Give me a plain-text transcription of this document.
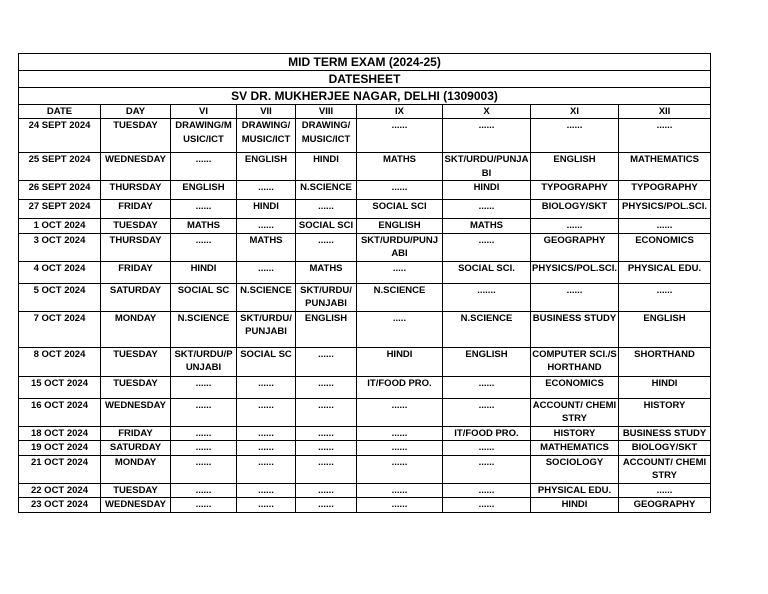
MID TERM EXAM (2024-25)								
DATESHEET								
SV DR. MUKHERJEE NAGAR, DELHI (1309003)								
DATE	DAY	VI	VII	VIII	IX	X	XI	XII
24 SEPT 2024	TUESDAY	DRAWING/MUSIC/ICT	DRAWING/ MUSIC/ICT	DRAWING/ MUSIC/ICT	......	......	......	......
25 SEPT 2024	WEDNESDAY	......	ENGLISH	HINDI	MATHS	SKT/URDU/PUNJABI	ENGLISH	MATHEMATICS
26 SEPT 2024	THURSDAY	ENGLISH	......	N.SCIENCE	......	HINDI	TYPOGRAPHY	TYPOGRAPHY
27 SEPT 2024	FRIDAY	......	HINDI	......	SOCIAL SCI	......	BIOLOGY/SKT	PHYSICS/POL.SCI.
1 OCT 2024	TUESDAY	MATHS	......	SOCIAL SCI	ENGLISH	MATHS	......	......
3 OCT 2024	THURSDAY	......	MATHS	......	SKT/URDU/PUNJABI	......	GEOGRAPHY	ECONOMICS
4 OCT 2024	FRIDAY	HINDI	......	MATHS	.....	SOCIAL SCI.	PHYSICS/POL.SCI.	PHYSICAL EDU.
5 OCT 2024	SATURDAY	SOCIAL SC	N.SCIENCE	SKT/URDU/PUNJABI	N.SCIENCE	.......	......	......
7 OCT 2024	MONDAY	N.SCIENCE	SKT/URDU/ PUNJABI	ENGLISH	.....	N.SCIENCE	BUSINESS STUDY	ENGLISH
8 OCT 2024	TUESDAY	SKT/URDU/PUNJABI	SOCIAL SC	......	HINDI	ENGLISH	COMPUTER SCI./SHORTHAND	SHORTHAND
15 OCT 2024	TUESDAY	......	......	......	IT/FOOD PRO.	......	ECONOMICS	HINDI
16 OCT 2024	WEDNESDAY	......	......	......	......	......	ACCOUNT/ CHEMISTRY	HISTORY
18 OCT 2024	FRIDAY	......	......	......	......	IT/FOOD PRO.	HISTORY	BUSINESS STUDY
19 OCT 2024	SATURDAY	......	......	......	......	......	MATHEMATICS	BIOLOGY/SKT
21 OCT 2024	MONDAY	......	......	......	......	......	SOCIOLOGY	ACCOUNT/ CHEMISTRY
22 OCT 2024	TUESDAY	......	......	......	......	......	PHYSICAL EDU.	......
23 OCT 2024	WEDNESDAY	......	......	......	......	......	HINDI	GEOGRAPHY
